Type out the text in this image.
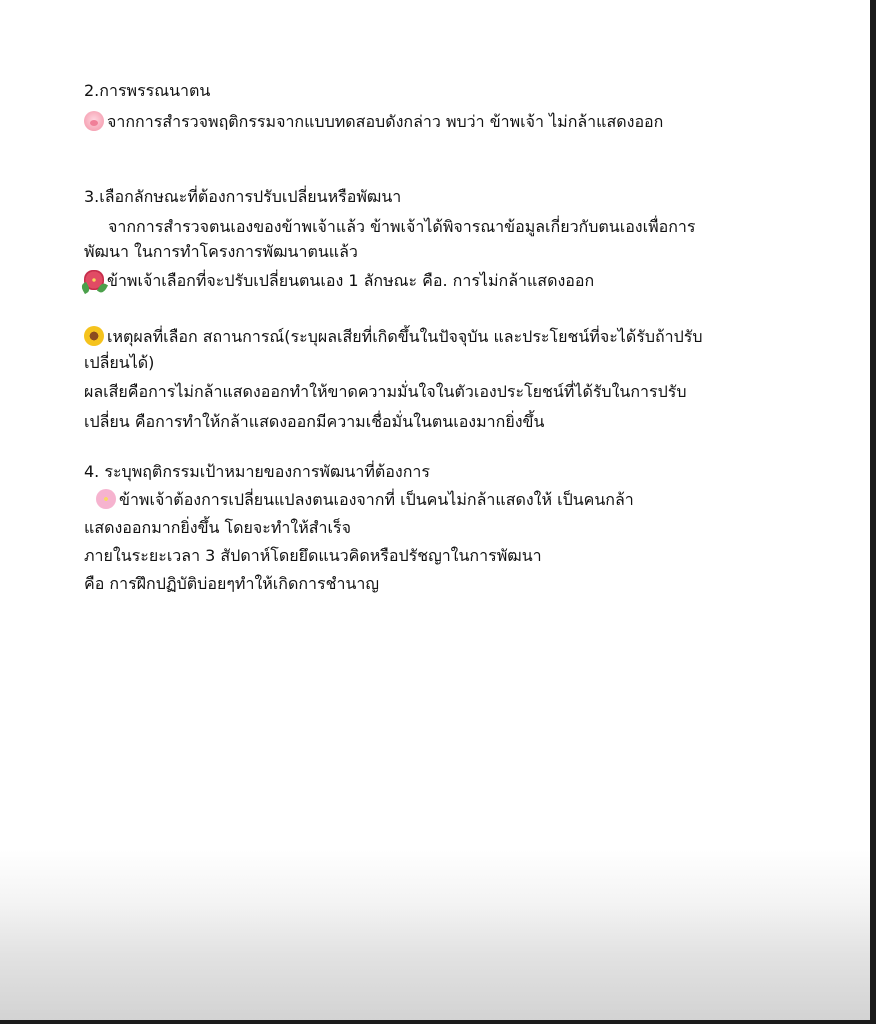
2.การพรรณนาตน
จากการสำรวจพฤติกรรมจากแบบทดสอบดังกล่าว พบว่า ข้าพเจ้า ไม่กล้าแสดงออก
3.เลือกลักษณะที่ต้องการปรับเปลี่ยนหรือพัฒนา
จากการสำรวจตนเองของข้าพเจ้าแล้ว ข้าพเจ้าได้พิจารณาข้อมูลเกี่ยวกับตนเองเพื่อการ
พัฒนา ในการทำโครงการพัฒนาตนแล้ว
ข้าพเจ้าเลือกที่จะปรับเปลี่ยนตนเอง 1 ลักษณะ คือ. การไม่กล้าแสดงออก
เหตุผลที่เลือก สถานการณ์(ระบุผลเสียที่เกิดขึ้นในปัจจุบัน และประโยชน์ที่จะได้รับถ้าปรับ
เปลี่ยนได้)
ผลเสียคือการไม่กล้าแสดงออกทำให้ขาดความมั่นใจในตัวเองประโยชน์ที่ได้รับในการปรับ
เปลี่ยน คือการทำให้กล้าแสดงออกมีความเชื่อมั่นในตนเองมากยิ่งขึ้น
4. ระบุพฤติกรรมเป้าหมายของการพัฒนาที่ต้องการ
ข้าพเจ้าต้องการเปลี่ยนแปลงตนเองจากที่ เป็นคนไม่กล้าแสดงให้ เป็นคนกล้า
แสดงออกมากยิ่งขึ้น โดยจะทำให้สำเร็จ
ภายในระยะเวลา 3 สัปดาห์โดยยึดแนวคิดหรือปรัชญาในการพัฒนา
คือ การฝึกปฏิบัติบ่อยๆทำให้เกิดการชำนาญ
